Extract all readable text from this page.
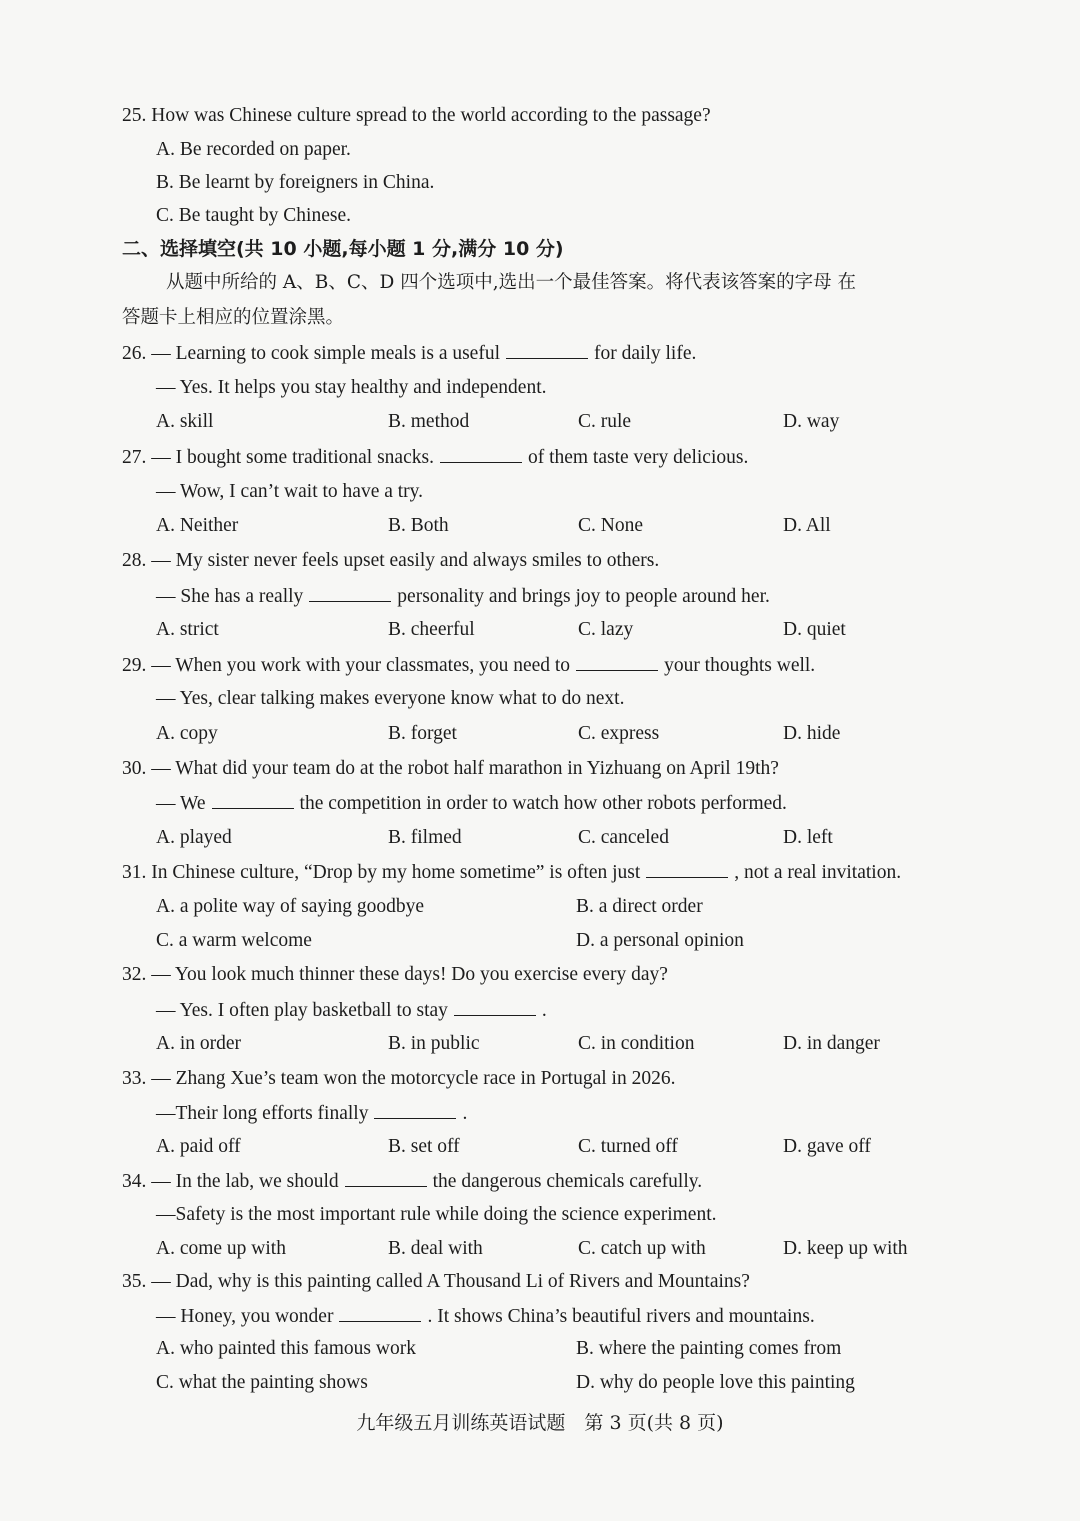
25. How was Chinese culture spread to the world according to the passage?
A. Be recorded on paper.
B. Be learnt by foreigners in China.
C. Be taught by Chinese.
二、选择填空(共 10 小题,每小题 1 分,满分 10 分)
从题中所给的 A、B、C、D 四个选项中,选出一个最佳答案。将代表该答案的字母 在
答题卡上相应的位置涂黑。
26. — Learning to cook simple meals is a useful	for daily life.
— Yes. It helps you stay healthy and independent.
A. skill	B. method	C. rule	D. way
27. — I bought some traditional snacks.	of them taste very delicious.
— Wow, I can’t wait to have a try.
A. Neither	B. Both	C. None	D. All
28. — My sister never feels upset easily and always smiles to others.
— She has a really	personality and brings joy to people around her.
A. strict	B. cheerful	C. lazy	D. quiet
29. — When you work with your classmates, you need to	your thoughts well.
— Yes, clear talking makes everyone know what to do next.
A. copy	B. forget	C. express	D. hide
30. — What did your team do at the robot half marathon in Yizhuang on April 19th?
— We	the competition in order to watch how other robots performed.
A. played	B. filmed	C. canceled	D. left
31. In Chinese culture, “Drop by my home sometime” is often just	, not a real invitation.
A. a polite way of saying goodbye	B. a direct order
C. a warm welcome	D. a personal opinion
32. — You look much thinner these days! Do you exercise every day?
— Yes. I often play basketball to stay	.
A. in order	B. in public	C. in condition	D. in danger
33. — Zhang Xue’s team won the motorcycle race in Portugal in 2026.
—Their long efforts finally	.
A. paid off	B. set off	C. turned off	D. gave off
34. — In the lab, we should	the dangerous chemicals carefully.
—Safety is the most important rule while doing the science experiment.
A. come up with	B. deal with	C. catch up with	D. keep up with
35. — Dad, why is this painting called A Thousand Li of Rivers and Mountains?
— Honey, you wonder	. It shows China’s beautiful rivers and mountains.
A. who painted this famous work	B. where the painting comes from
C. what the painting shows	D. why do people love this painting
九年级五月训练英语试题　第 3 页(共 8 页)
